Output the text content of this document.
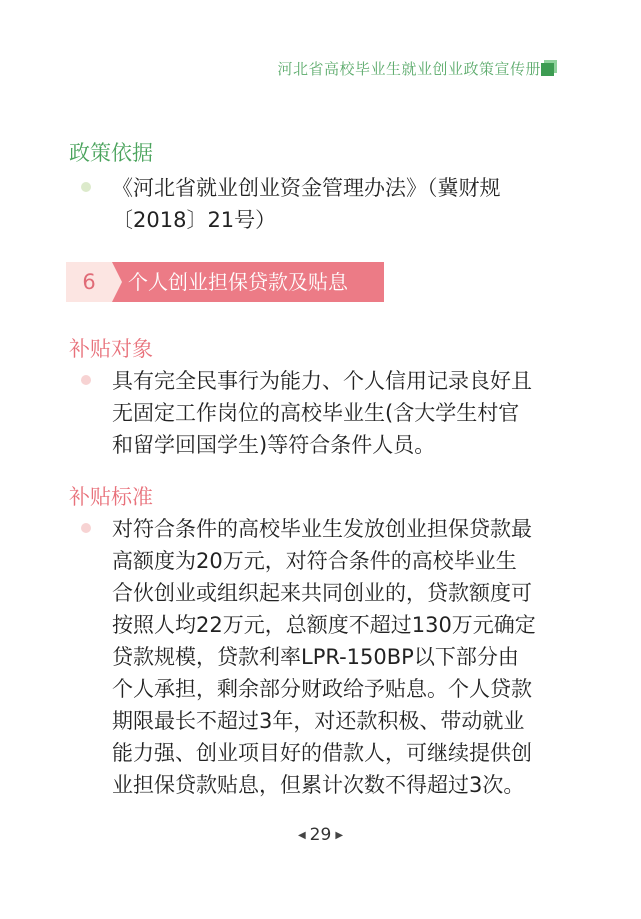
河北省高校毕业生就业创业政策宣传册
政策依据
《河北省就业创业资金管理办法》（冀财规
〔2018〕21号）
6	个人创业担保贷款及贴息
补贴对象
具有完全民事行为能力、个人信用记录良好且
无固定工作岗位的高校毕业生(含大学生村官
和留学回国学生)等符合条件人员。
补贴标准
对符合条件的高校毕业生发放创业担保贷款最
高额度为20万元，对符合条件的高校毕业生
合伙创业或组织起来共同创业的，贷款额度可
按照人均22万元，总额度不超过130万元确定
贷款规模，贷款利率LPR-150BP以下部分由
个人承担，剩余部分财政给予贴息。个人贷款
期限最长不超过3年，对还款积极、带动就业
能力强、创业项目好的借款人，可继续提供创
业担保贷款贴息，但累计次数不得超过3次。
◀ 29 ▶
